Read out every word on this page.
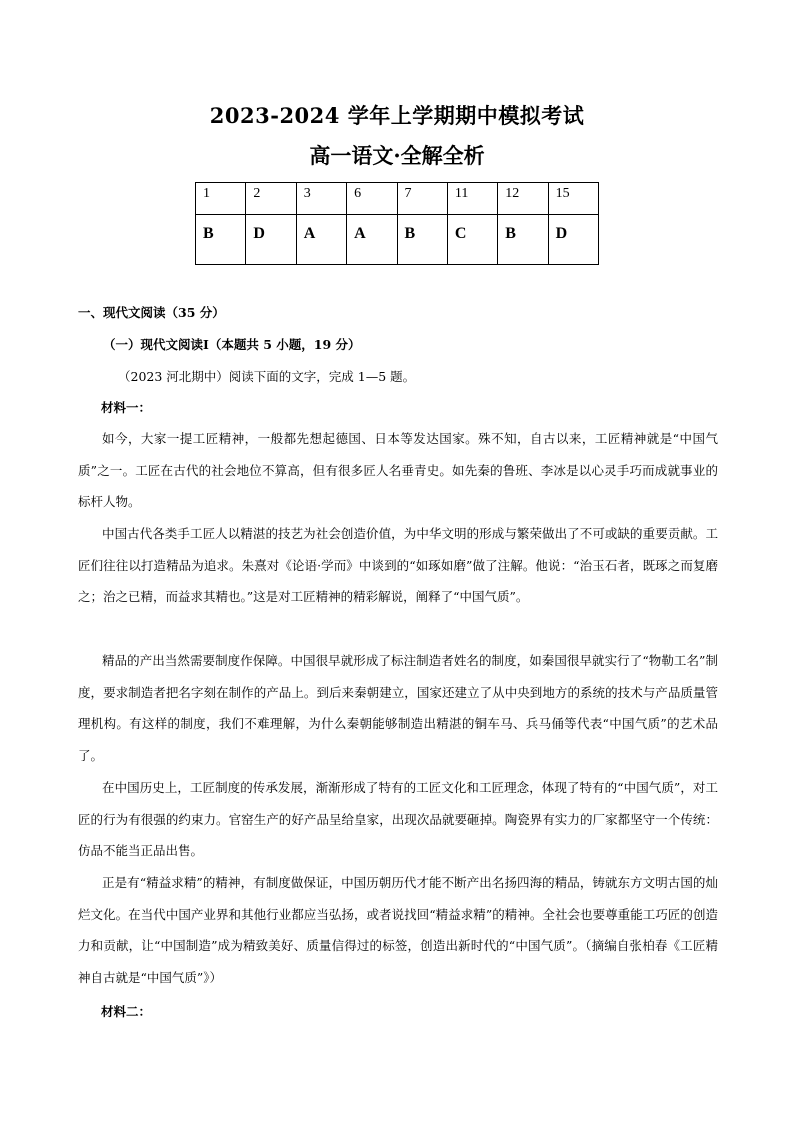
2023-2024 学年上学期期中模拟考试
高一语文·全解全析
1	2	3	6	7	11	12	15
B	D	A	A	B	C	B	D
一、现代文阅读（35 分）
（一）现代文阅读Ⅰ（本题共 5 小题，19 分）
（2023 河北期中）阅读下面的文字，完成 1—5 题。
材料一：
如今，大家一提工匠精神，一般都先想起德国、日本等发达国家。殊不知，自古以来，工匠精神就是“中国气质”之一。工匠在古代的社会地位不算高，但有很多匠人名垂青史。如先秦的鲁班、李冰是以心灵手巧而成就事业的标杆人物。
中国古代各类手工匠人以精湛的技艺为社会创造价值，为中华文明的形成与繁荣做出了不可或缺的重要贡献。工匠们往往以打造精品为追求。朱熹对《论语·学而》中谈到的“如琢如磨”做了注解。他说：“治玉石者，既琢之而复磨之；治之已精，而益求其精也。”这是对工匠精神的精彩解说，阐释了“中国气质”。
精品的产出当然需要制度作保障。中国很早就形成了标注制造者姓名的制度，如秦国很早就实行了“物勒工名”制度，要求制造者把名字刻在制作的产品上。到后来秦朝建立，国家还建立了从中央到地方的系统的技术与产品质量管理机构。有这样的制度，我们不难理解，为什么秦朝能够制造出精湛的铜车马、兵马俑等代表“中国气质”的艺术品了。
在中国历史上，工匠制度的传承发展，渐渐形成了特有的工匠文化和工匠理念，体现了特有的“中国气质”，对工匠的行为有很强的约束力。官窑生产的好产品呈给皇家，出现次品就要砸掉。陶瓷界有实力的厂家都坚守一个传统：仿品不能当正品出售。
正是有“精益求精”的精神，有制度做保证，中国历朝历代才能不断产出名扬四海的精品，铸就东方文明古国的灿烂文化。在当代中国产业界和其他行业都应当弘扬，或者说找回“精益求精”的精神。全社会也要尊重能工巧匠的创造力和贡献，让“中国制造”成为精致美好、质量信得过的标签，创造出新时代的“中国气质”。（摘编自张柏春《工匠精神自古就是“中国气质”》）
材料二：
